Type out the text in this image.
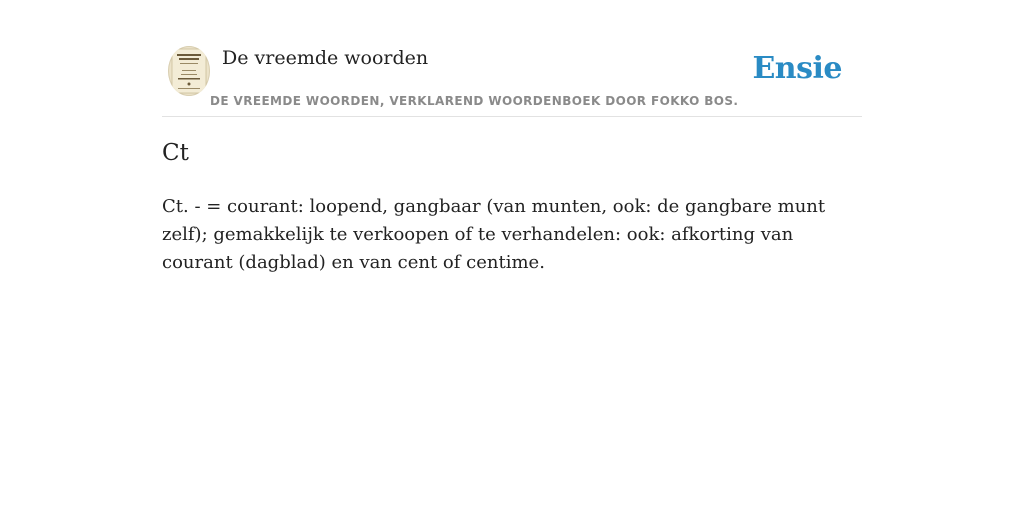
De vreemde woorden
DE VREEMDE WOORDEN, VERKLAREND WOORDENBOEK DOOR FOKKO BOS.
Ensie
Ct
Ct. - = courant: loopend, gangbaar (van munten, ook: de gangbare munt zelf); gemakkelijk te verkoopen of te verhandelen: ook: afkorting van courant (dagblad) en van cent of centime.
